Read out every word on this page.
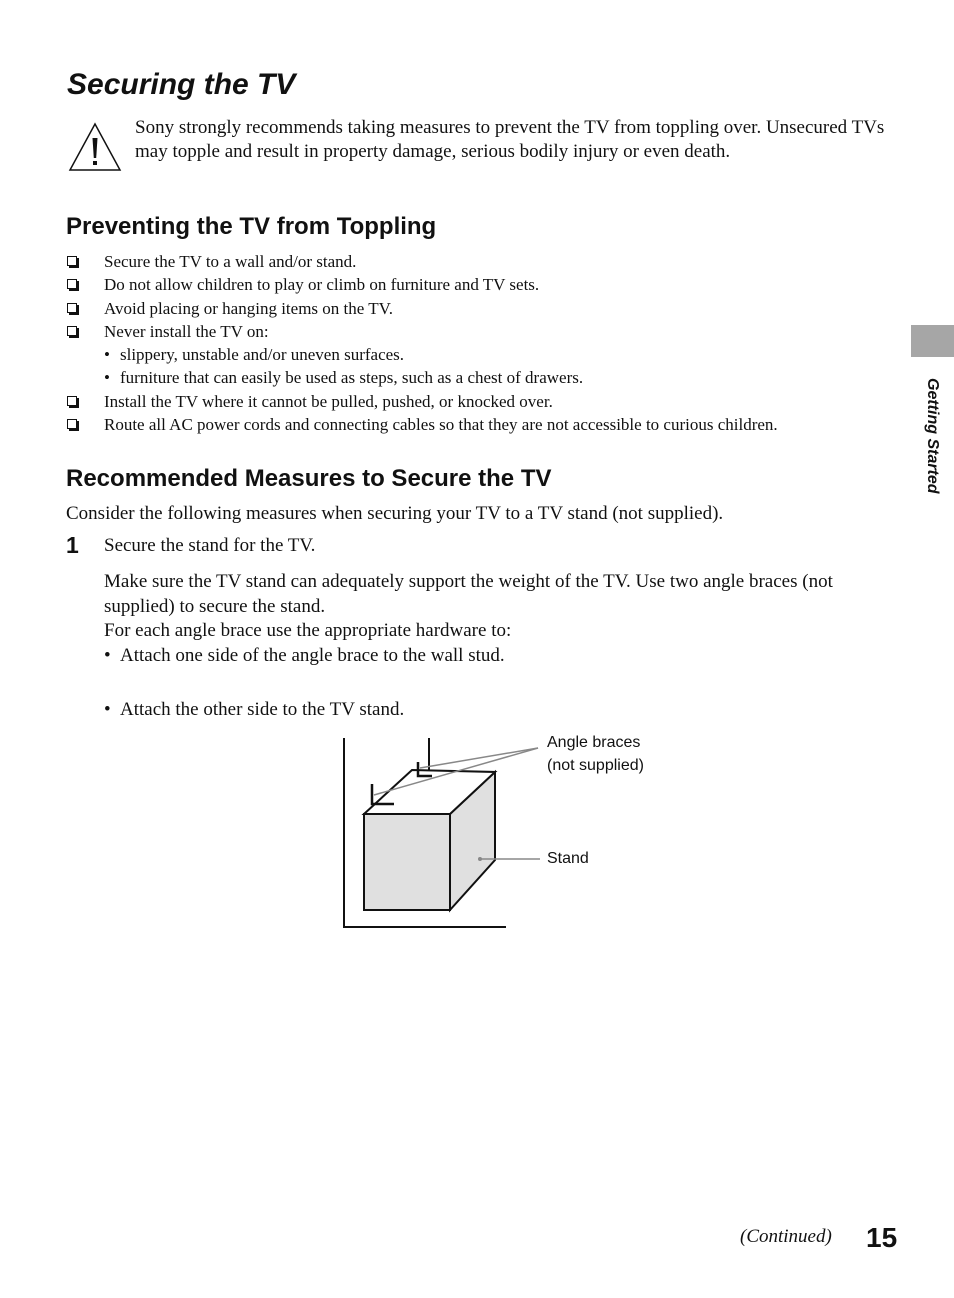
Securing the TV
Sony strongly recommends taking measures to prevent the TV from toppling over. Unsecured TVs may topple and result in property damage, serious bodily injury or even death.
Preventing the TV from Toppling
Secure the TV to a wall and/or stand.
Do not allow children to play or climb on furniture and TV sets.
Avoid placing or hanging items on the TV.
Never install the TV on:
• slippery, unstable and/or uneven surfaces.
• furniture that can easily be used as steps, such as a chest of drawers.
Install the TV where it cannot be pulled, pushed, or knocked over.
Route all AC power cords and connecting cables so that they are not accessible to curious children.
Recommended Measures to Secure the TV
Consider the following measures when securing your TV to a TV stand (not supplied).
1 Secure the stand for the TV.
Make sure the TV stand can adequately support the weight of the TV. Use two angle braces (not supplied) to secure the stand.
For each angle brace use the appropriate hardware to:
• Attach one side of the angle brace to the wall stud.
• Attach the other side to the TV stand.
Getting Started
Angle braces
(not supplied)
Stand
(Continued) 15
